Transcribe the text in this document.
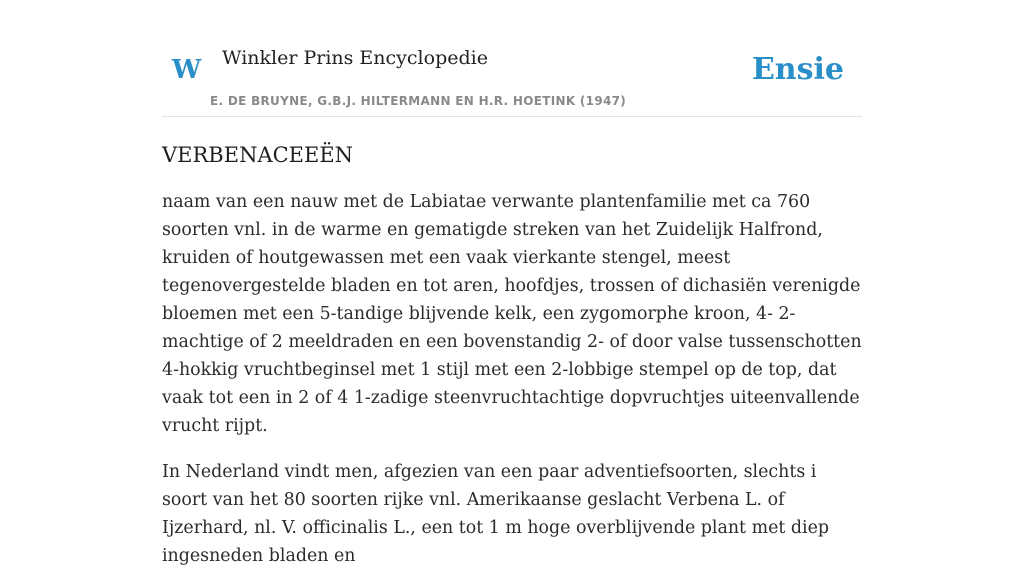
W Winkler Prins Encyclopedie
E. DE BRUYNE, G.B.J. HILTERMANN EN H.R. HOETINK (1947)
Ensie
VERBENACEEËN

naam van een nauw met de Labiatae verwante plantenfamilie met ca 760 soorten vnl. in de warme en gematigde streken van het Zuidelijk Halfrond, kruiden of houtgewassen met een vaak vierkante stengel, meest tegenovergestelde bladen en tot aren, hoofdjes, trossen of dichasiën verenigde bloemen met een 5-tandige blijvende kelk, een zygomorphe kroon, 4- 2-machtige of 2 meeldraden en een bovenstandig 2- of door valse tussenschotten 4-hokkig vruchtbeginsel met 1 stijl met een 2-lobbige stempel op de top, dat vaak tot een in 2 of 4 1-zadige steenvruchtachtige dopvruchtjes uiteenvallende vrucht rijpt.

In Nederland vindt men, afgezien van een paar adventiefsoorten, slechts i soort van het 80 soorten rijke vnl. Amerikaanse geslacht Verbena L. of Ijzerhard, nl. V. officinalis L., een tot 1 m hoge overblijvende plant met diep ingesneden bladen en
